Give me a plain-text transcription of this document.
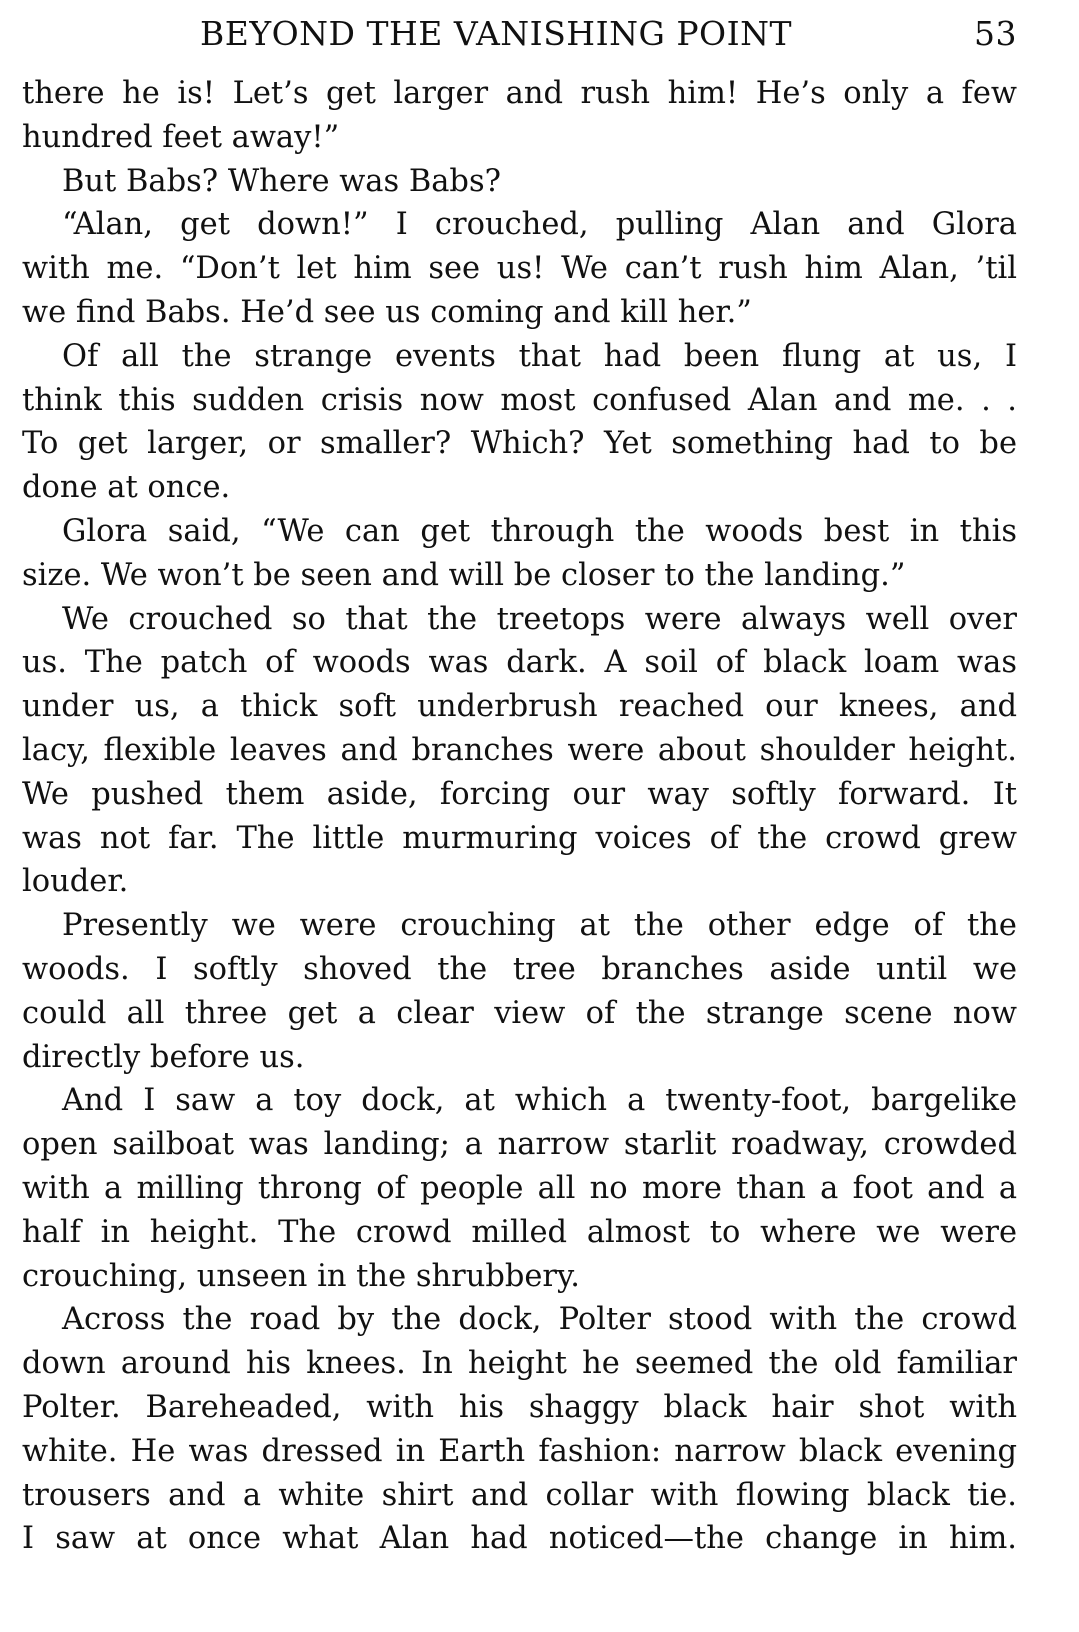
BEYOND THE VANISHING POINT	53

there he is! Let’s get larger and rush him! He’s only a few
hundred feet away!”

But Babs? Where was Babs?

“Alan, get down!” I crouched, pulling Alan and Glora
with me. “Don’t let him see us! We can’t rush him Alan, ’til
we find Babs. He’d see us coming and kill her.”

Of all the strange events that had been flung at us, I
think this sudden crisis now most confused Alan and me. . .
To get larger, or smaller? Which? Yet something had to be
done at once.

Glora said, “We can get through the woods best in this
size. We won’t be seen and will be closer to the landing.”

We crouched so that the treetops were always well over
us. The patch of woods was dark. A soil of black loam was
under us, a thick soft underbrush reached our knees, and
lacy, flexible leaves and branches were about shoulder height.
We pushed them aside, forcing our way softly forward. It
was not far. The little murmuring voices of the crowd grew
louder.

Presently we were crouching at the other edge of the
woods. I softly shoved the tree branches aside until we
could all three get a clear view of the strange scene now
directly before us.

And I saw a toy dock, at which a twenty-foot, bargelike
open sailboat was landing; a narrow starlit roadway, crowded
with a milling throng of people all no more than a foot and a
half in height. The crowd milled almost to where we were
crouching, unseen in the shrubbery.

Across the road by the dock, Polter stood with the crowd
down around his knees. In height he seemed the old familiar
Polter. Bareheaded, with his shaggy black hair shot with
white. He was dressed in Earth fashion: narrow black evening
trousers and a white shirt and collar with flowing black tie.
I saw at once what Alan had noticed—the change in him.
